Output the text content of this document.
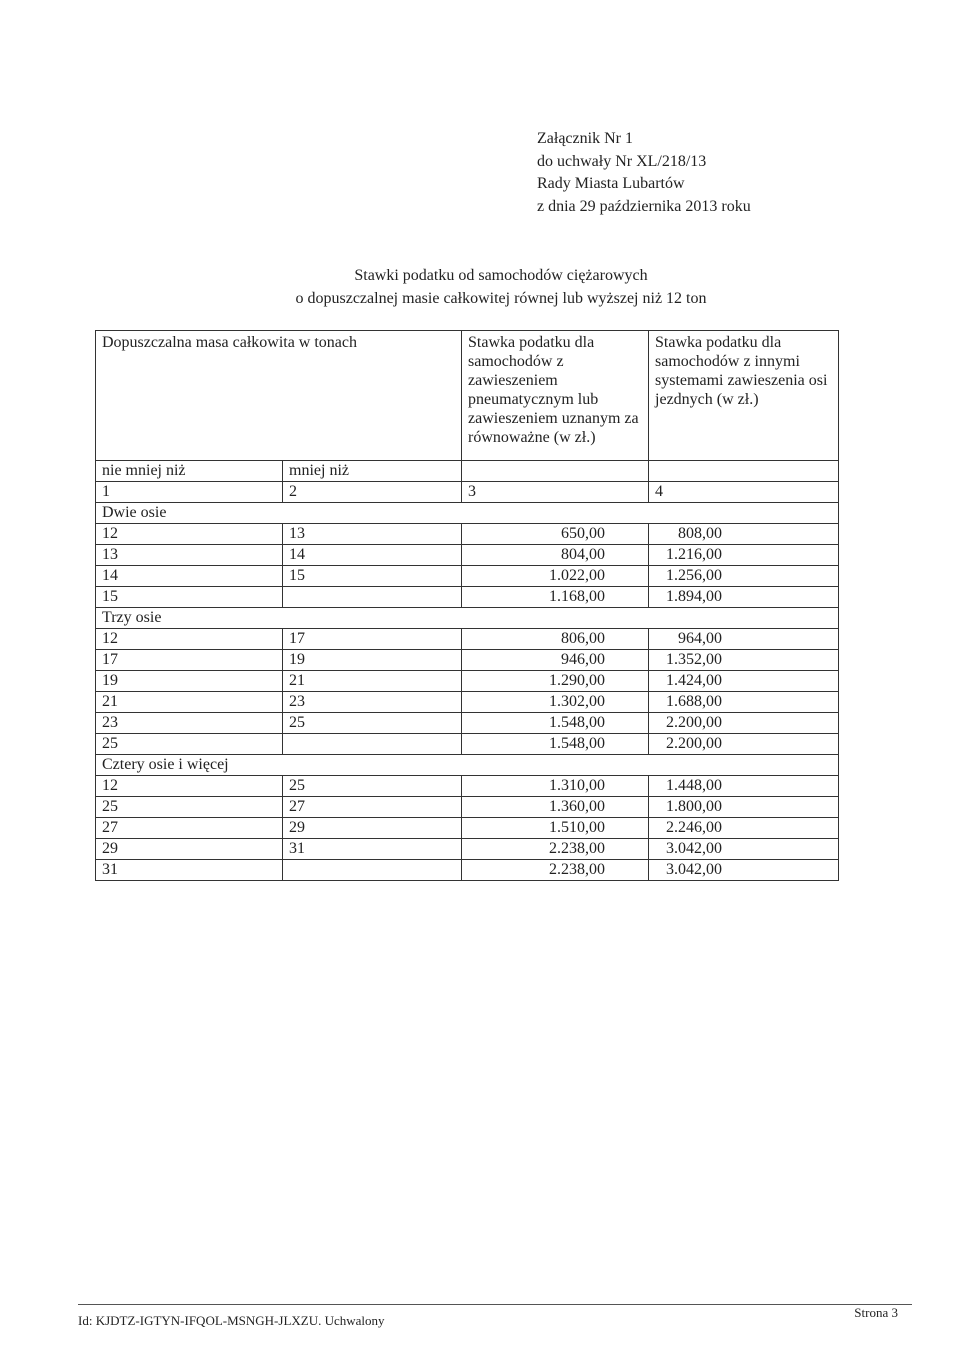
Załącznik Nr 1
do uchwały Nr XL/218/13
Rady Miasta Lubartów
z dnia 29 października 2013 roku
Stawki podatku od samochodów ciężarowych
o dopuszczalnej masie całkowitej równej lub wyższej niż 12 ton
Dopuszczalna masa całkowita w tonach		Stawka podatku dla samochodów z zawieszeniem pneumatycznym lub zawieszeniem uznanym za równoważne (w zł.)	Stawka podatku dla samochodów z innymi systemami zawieszenia osi jezdnych (w zł.)
nie mniej niż	mniej niż		
1	2	3	4
Dwie osie			
12	13	650,00	808,00
13	14	804,00	1.216,00
14	15	1.022,00	1.256,00
15		1.168,00	1.894,00
Trzy osie			
12	17	806,00	964,00
17	19	946,00	1.352,00
19	21	1.290,00	1.424,00
21	23	1.302,00	1.688,00
23	25	1.548,00	2.200,00
25		1.548,00	2.200,00
Cztery osie i więcej			
12	25	1.310,00	1.448,00
25	27	1.360,00	1.800,00
27	29	1.510,00	2.246,00
29	31	2.238,00	3.042,00
31		2.238,00	3.042,00
Id: KJDTZ-IGTYN-IFQOL-MSNGH-JLXZU. Uchwalony
Strona 3
